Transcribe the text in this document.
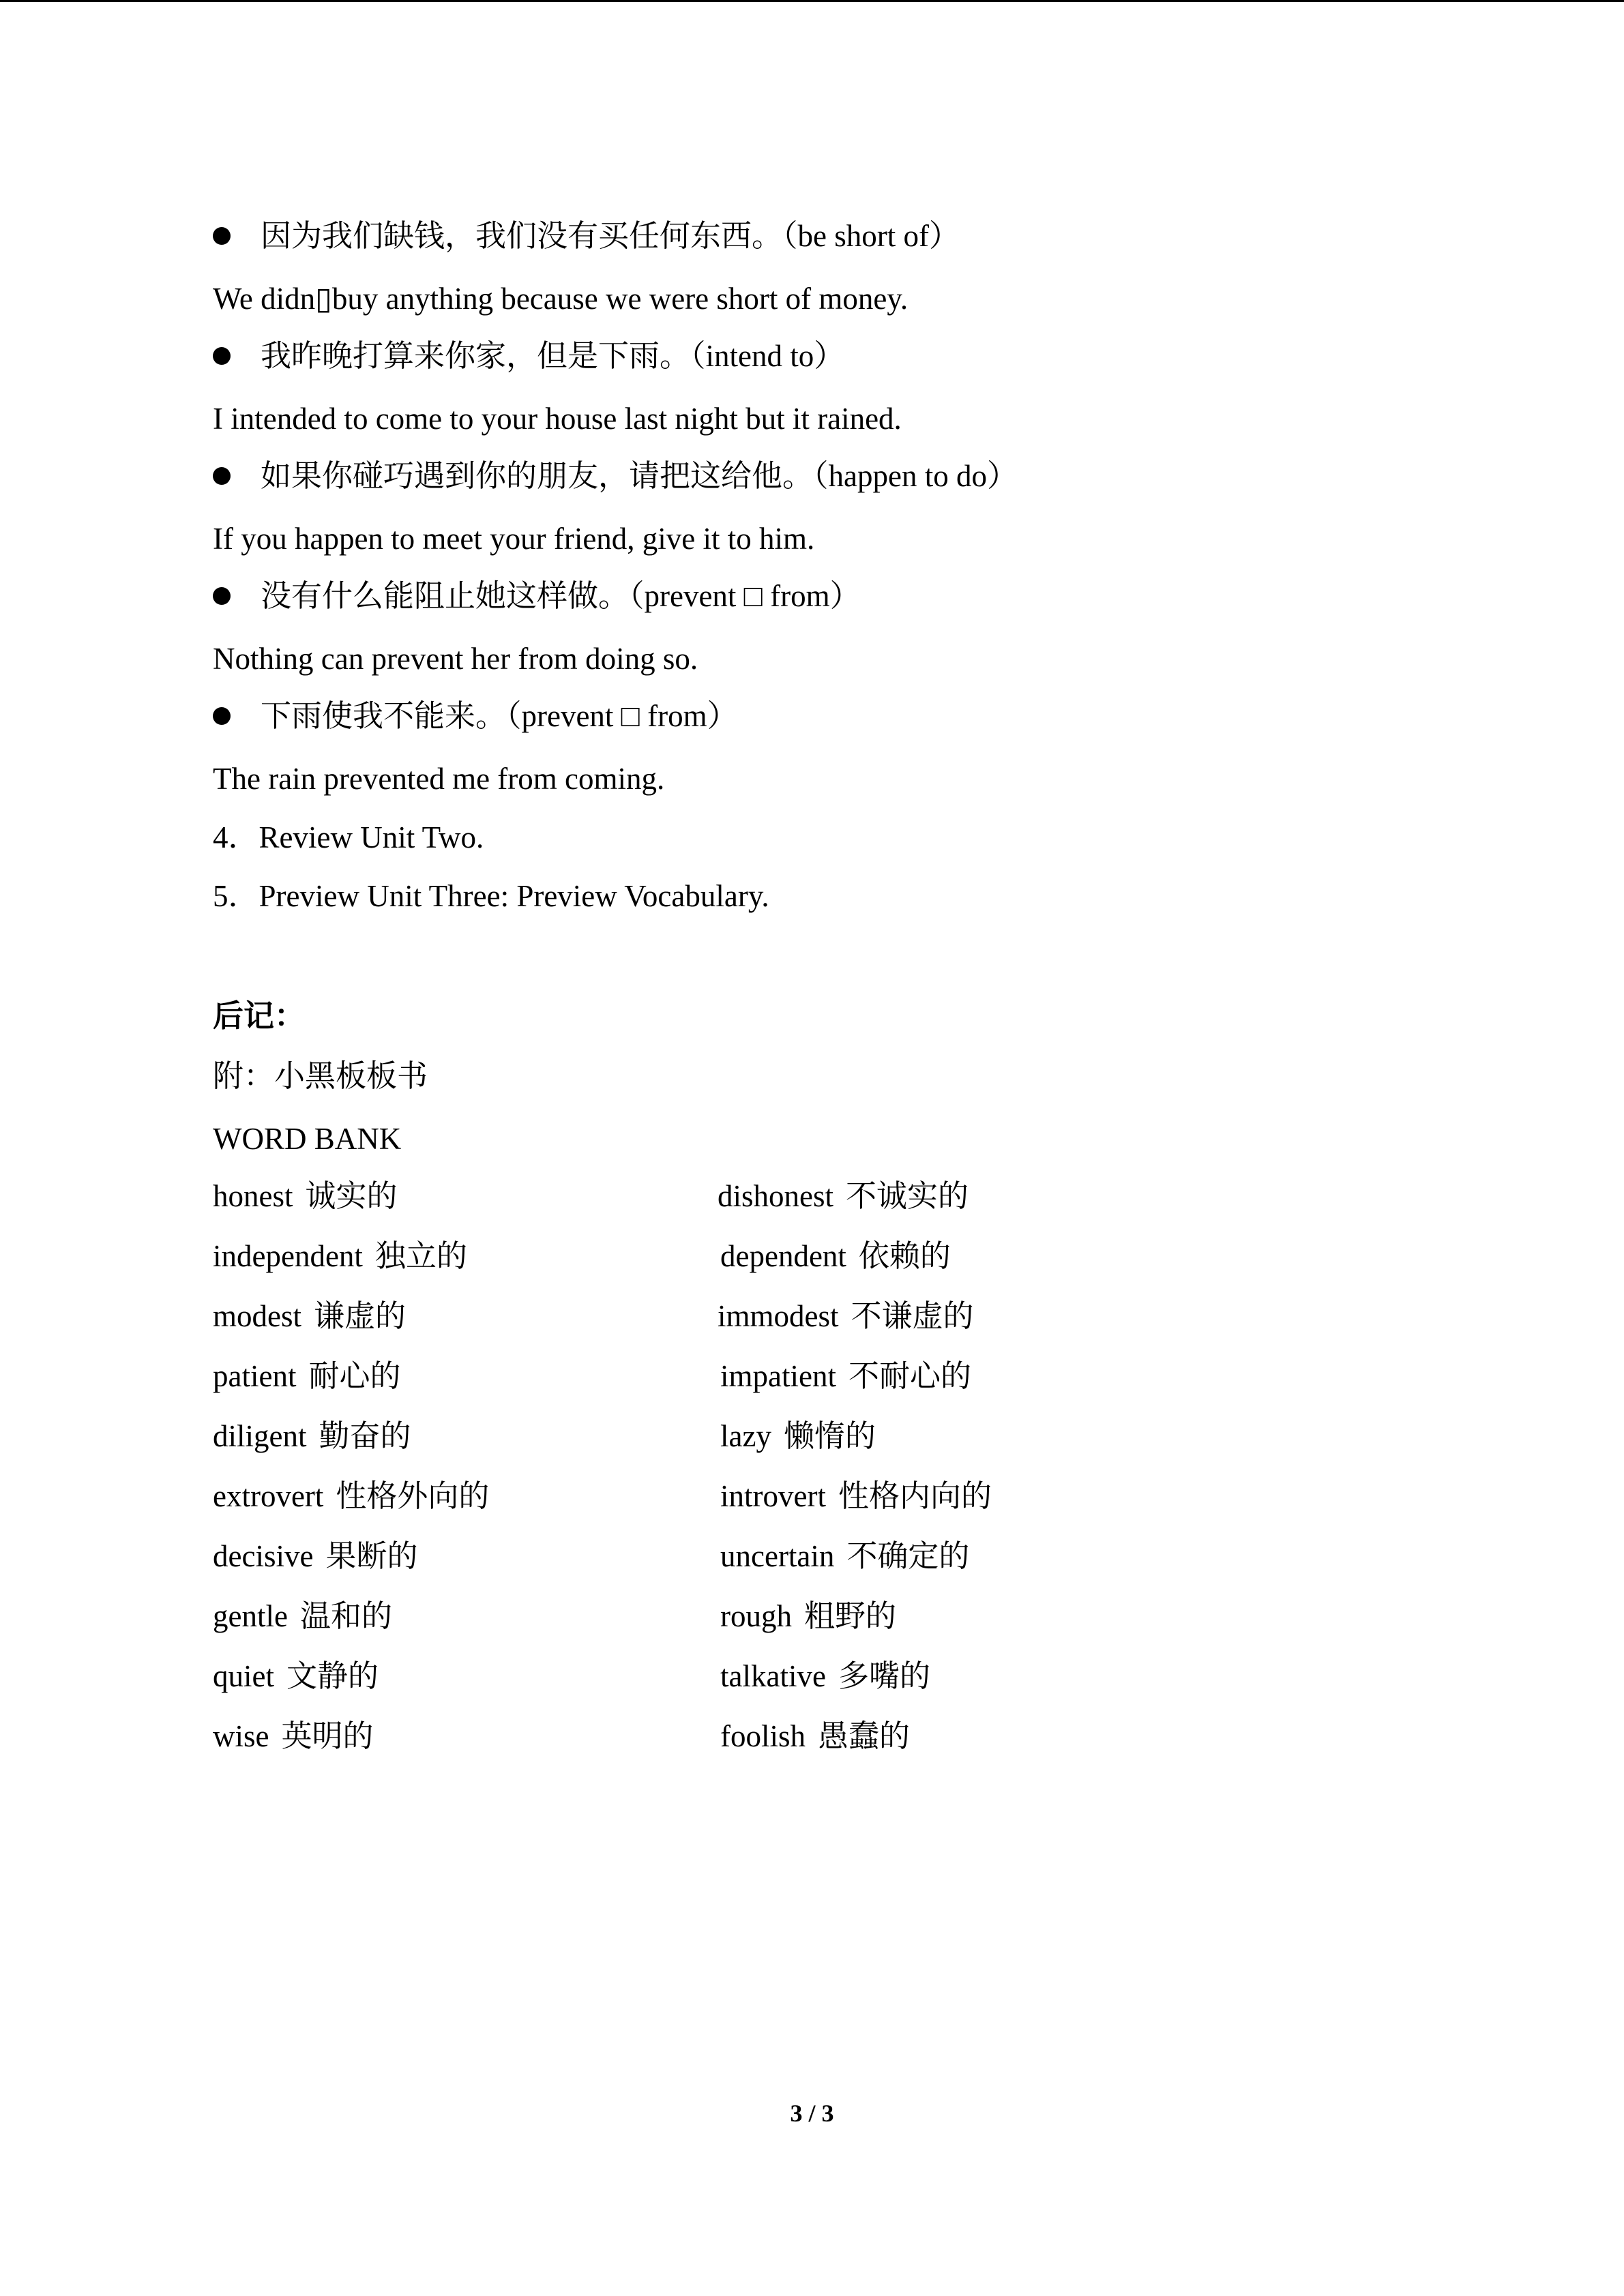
因为我们缺钱，我们没有买任何东西。（be short of）
We didn▯buy anything because we were short of money.
我昨晚打算来你家，但是下雨。（intend to）
I intended to come to your house last night but it rained.
如果你碰巧遇到你的朋友，请把这给他。（happen to do）
If you happen to meet your friend, give it to him.
没有什么能阻止她这样做。（prevent □ from）
Nothing can prevent her from doing so.
下雨使我不能来。（prevent □ from）
The rain prevented me from coming.
4．Review Unit Two.
5．Preview Unit Three: Preview Vocabulary.
后记：
附：小黑板板书
WORD BANK
honest 诚实的	dishonest 不诚实的
independent 独立的	dependent 依赖的
modest 谦虚的	immodest 不谦虚的
patient 耐心的	impatient 不耐心的
diligent 勤奋的	lazy 懒惰的
extrovert 性格外向的	introvert 性格内向的
decisive 果断的	uncertain 不确定的
gentle 温和的	rough 粗野的
quiet 文静的	talkative 多嘴的
wise 英明的	foolish 愚蠢的
3 / 3
